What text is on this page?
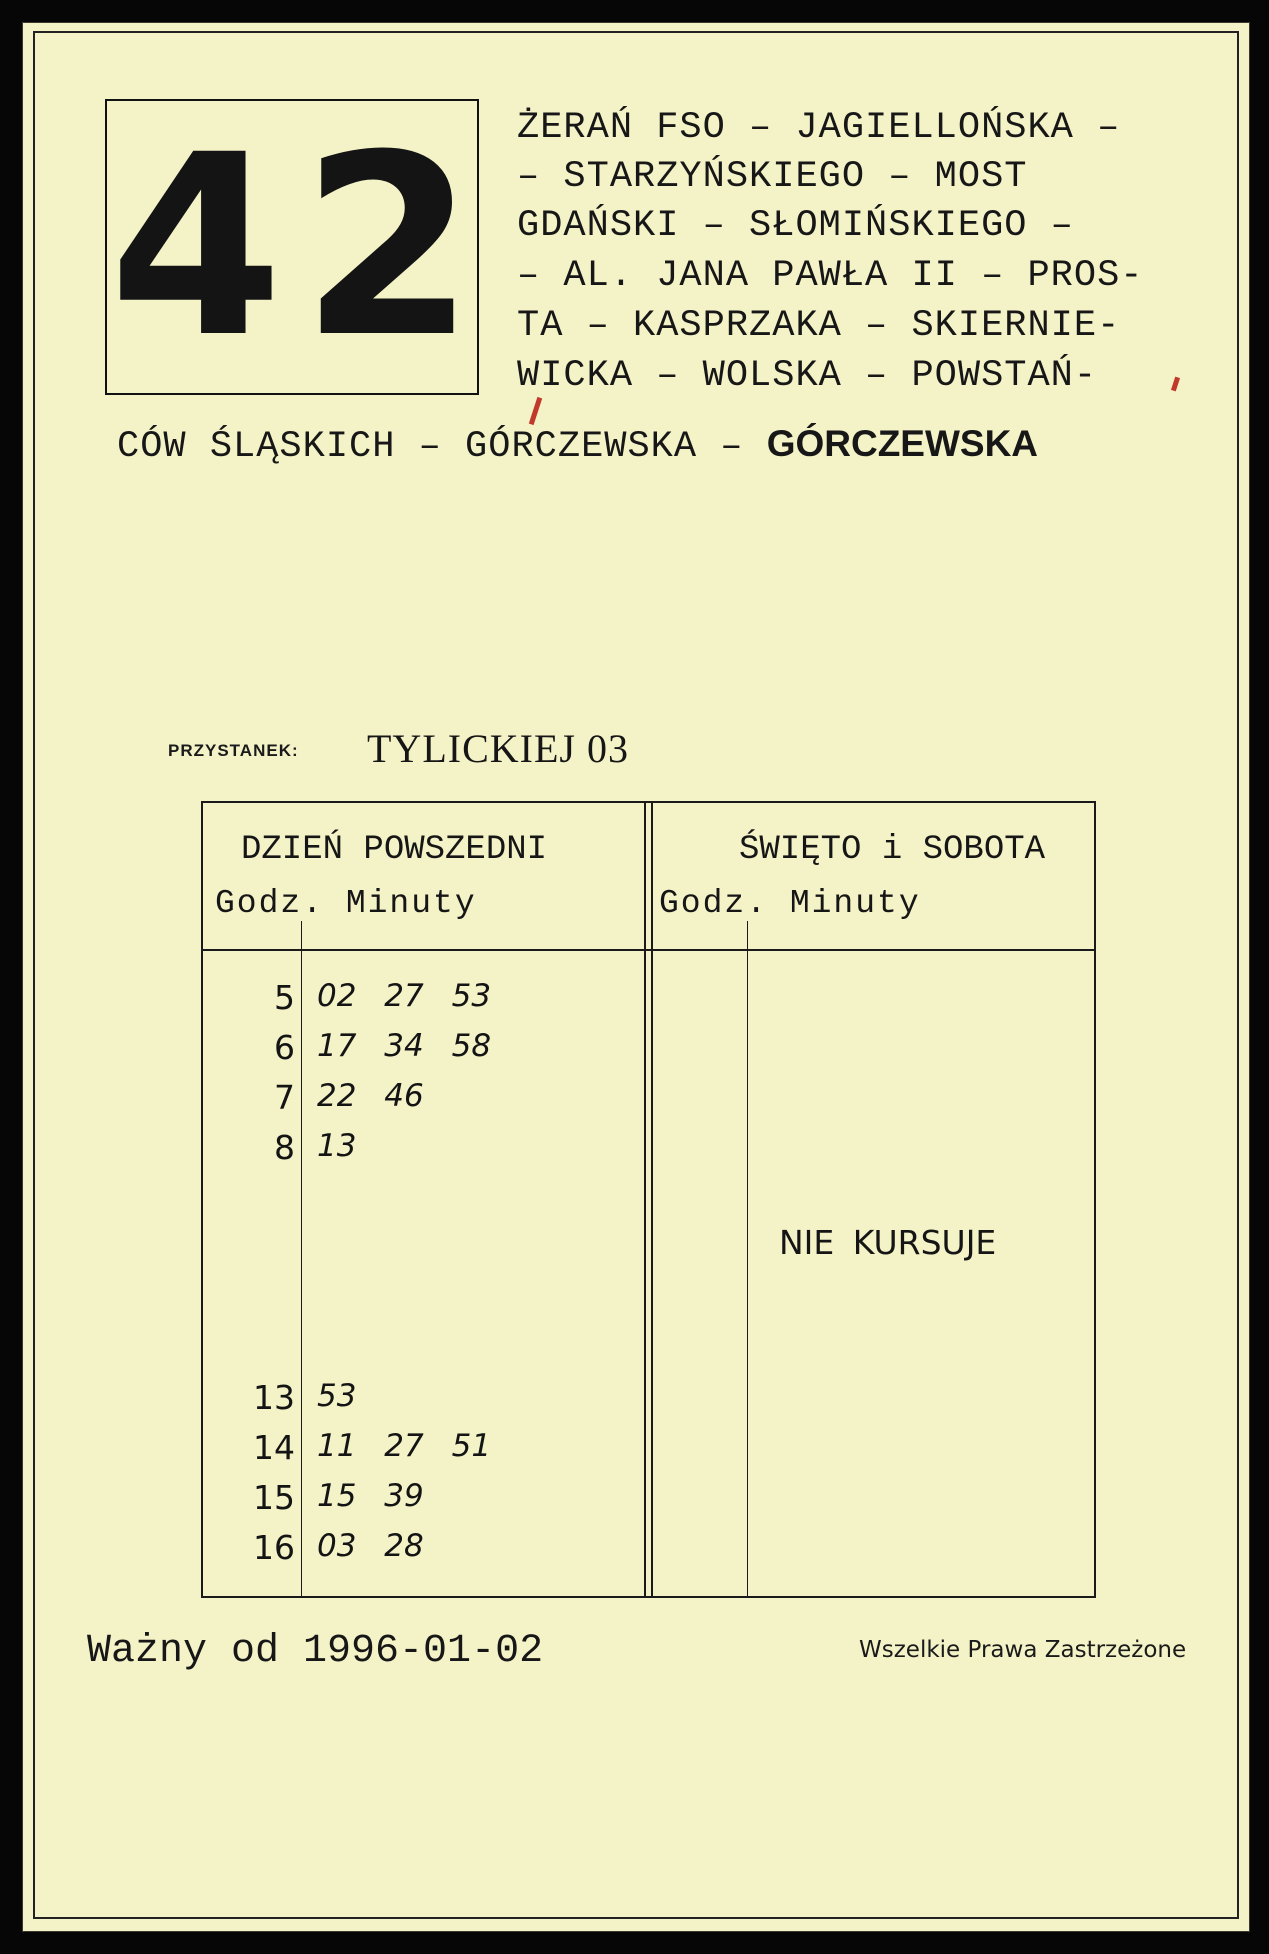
42 ŻERAŃ FSO – JAGIELLOŃSKA –
– STARZYŃSKIEGO – MOST
GDAŃSKI – SŁOMIŃSKIEGO –
– AL. JANA PAWŁA II – PROS-
TA – KASPRZAKA – SKIERNIE-
WICKA – WOLSKA – POWSTAŃ-
CÓW ŚLĄSKICH – GÓRCZEWSKA – GÓRCZEWSKA
PRZYSTANEK: TYLICKIEJ 03
DZIEŃ POWSZEDNI
Godz. Minuty
ŚWIĘTO i SOBOTA
Godz. Minuty
5 02 27 53
6 17 34 58
7 22 46
8 13
13 53
14 11 27 51
15 15 39
16 03 28
NIE KURSUJE
Ważny od 1996-01-02	Wszelkie Prawa Zastrzeżone
